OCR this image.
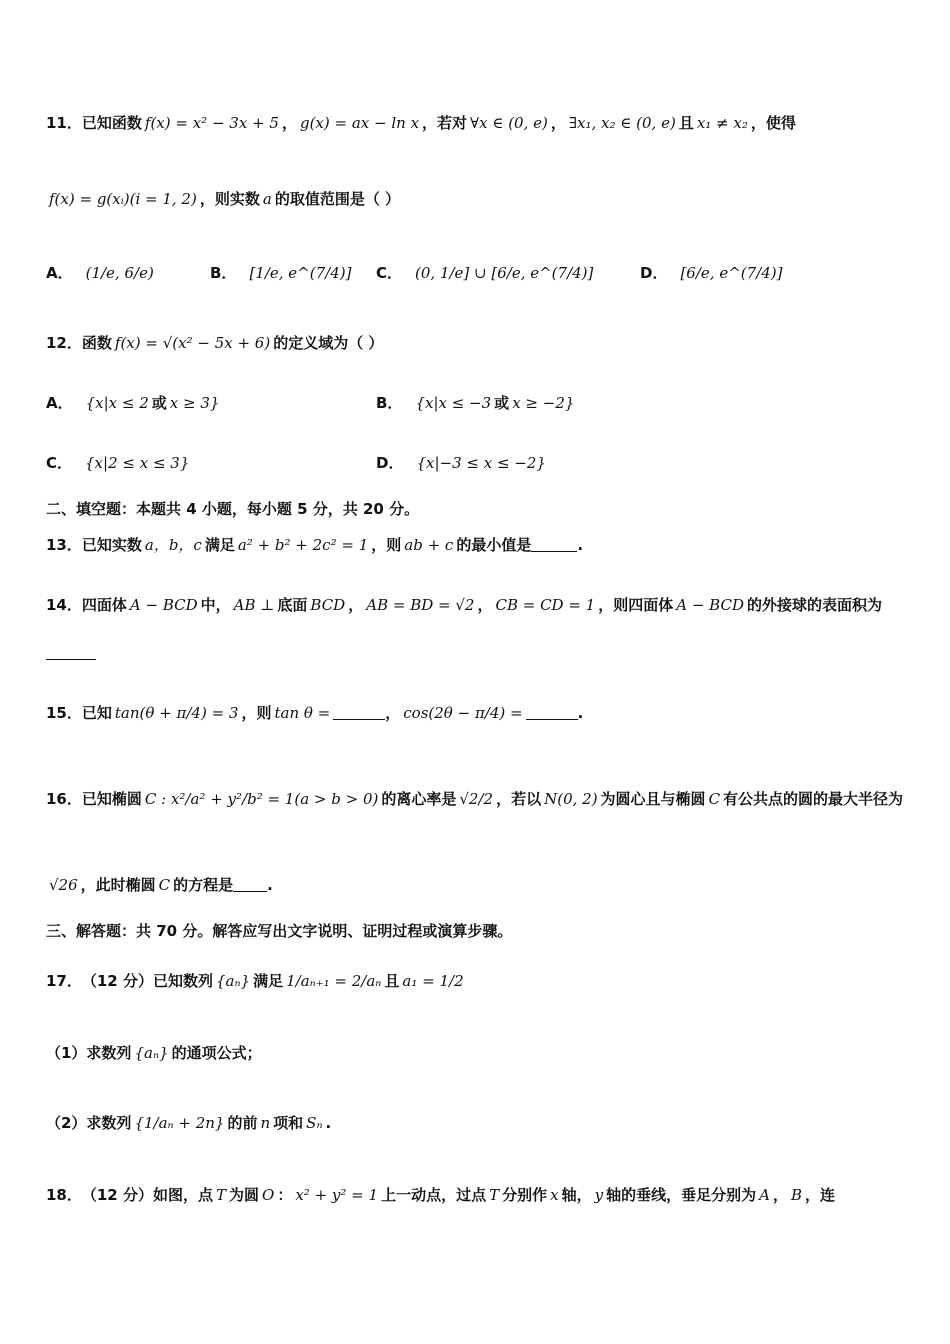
11． 已知函数 f(x) = x² − 3x + 5 ， g(x) = ax − ln x ，若对 ∀x ∈ (0, e) ， ∃x₁, x₂ ∈ (0, e) 且 x₁ ≠ x₂ ，使得
f(x) = g(xᵢ)(i = 1, 2) ，则实数 a 的取值范围是（ ）
A． (1/e, 6/e)	B． [1/e, e^(7/4)] C． (0, 1/e] ∪ [6/e, e^(7/4)]	D． [6/e, e^(7/4)]
12． 函数 f(x) = √(x² − 5x + 6) 的定义域为（ ）
A． {x|x ≤ 2 或 x ≥ 3}	B． {x|x ≤ −3 或 x ≥ −2}
C． {x|2 ≤ x ≤ 3}	D． {x|−3 ≤ x ≤ −2}
二、填空题：本题共 4 小题，每小题 5 分，共 20 分。
13． 已知实数 a，b，c 满足 a² + b² + 2c² = 1 ，则 ab + c 的最小值是	.
14． 四面体 A − BCD 中， AB ⊥ 底面 BCD ， AB = BD = √2 ， CB = CD = 1 ，则四面体 A − BCD 的外接球的表面积为
15． 已知 tan(θ + π/4) = 3 ，则 tan θ =	， cos(2θ − π/4) =	.
16． 已知椭圆 C : x²/a² + y²/b² = 1(a > b > 0) 的离心率是 √2/2 ，若以 N(0, 2) 为圆心且与椭圆 C 有公共点的圆的最大半径为
√26 ，此时椭圆 C 的方程是 .
三、解答题：共 70 分。解答应写出文字说明、证明过程或演算步骤。
17． （12 分）已知数列 {aₙ} 满足 1/aₙ₊₁ = 2/aₙ 且 a₁ = 1/2
（1）求数列 {aₙ} 的通项公式；
（2）求数列 {1/aₙ + 2n} 的前 n 项和 Sₙ .
18． （12 分）如图，点 T 为圆 O ： x² + y² = 1 上一动点，过点 T 分别作 x 轴， y 轴的垂线，垂足分别为 A ， B ，连
